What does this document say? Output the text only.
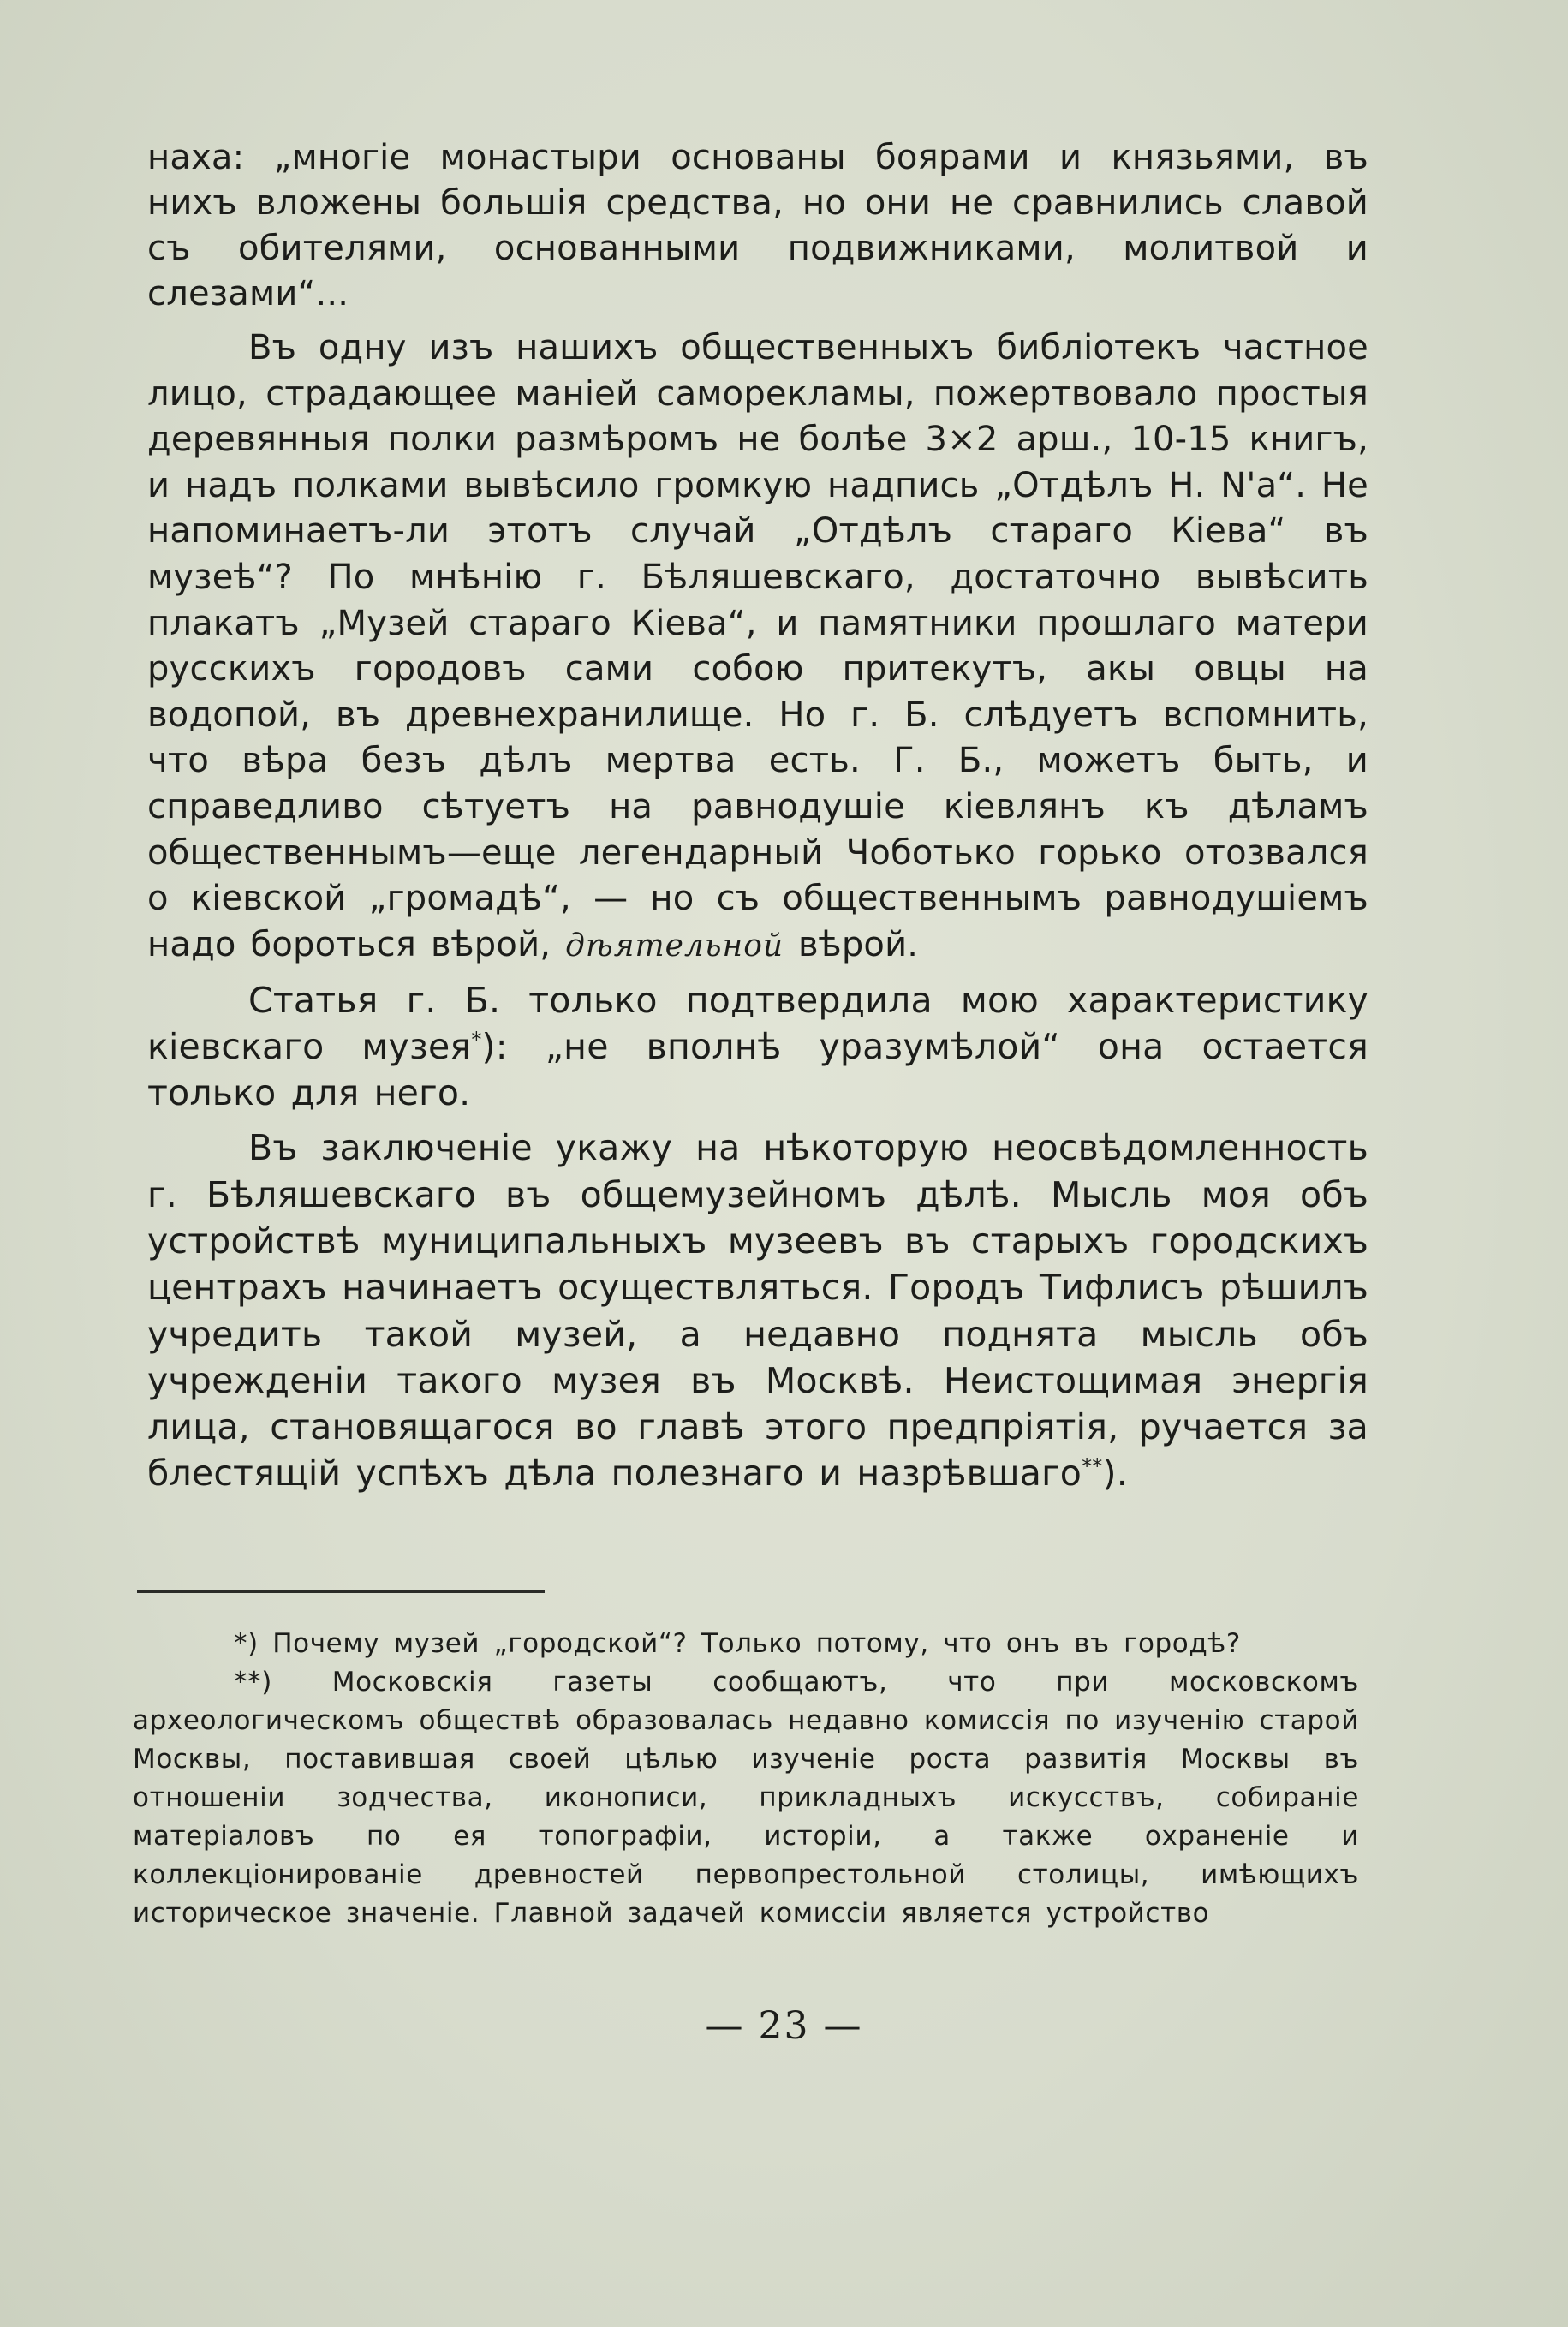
наха: „многіе монастыри основаны боярами и князьями, въ нихъ вложены большія средства, но они не сравнились славой съ обителями, основанными подвижниками, молитвой и слезами“...

Въ одну изъ нашихъ общественныхъ библіотекъ частное лицо, страдающее маніей саморекламы, пожертвовало простыя деревянныя полки размѣромъ не болѣе 3×2 арш., 10-15 книгъ, и надъ полками вывѣсило громкую надпись „Отдѣлъ Н. N'а“. Не напоминаетъ-ли этотъ случай „Отдѣлъ стараго Кіева“ въ музеѣ“? По мнѣнію г. Бѣляшевскаго, достаточно вывѣсить плакатъ „Музей стараго Кіева“, и памятники прошлаго матери русскихъ городовъ сами собою притекутъ, акы овцы на водопой, въ древнехранилище. Но г. Б. слѣдуетъ вспомнить, что вѣра безъ дѣлъ мертва есть. Г. Б., можетъ быть, и справедливо сѣтуетъ на равнодушіе кіевлянъ къ дѣламъ общественнымъ—еще легендарный Чоботько горько отозвался о кіевской „громадѣ“, — но съ общественнымъ равнодушіемъ надо бороться вѣрой, дѣятельной вѣрой.

Статья г. Б. только подтвердила мою характеристику кіевскаго музея*): „не вполнѣ уразумѣлой“ она остается только для него.

Въ заключеніе укажу на нѣкоторую неосвѣдомленность г. Бѣляшевскаго въ общемузейномъ дѣлѣ. Мысль моя объ устройствѣ муниципальныхъ музеевъ въ старыхъ городскихъ центрахъ начинаетъ осуществляться. Городъ Тифлисъ рѣшилъ учредить такой музей, а недавно поднята мысль объ учрежденіи такого музея въ Москвѣ. Неистощимая энергія лица, становящагося во главѣ этого предпріятія, ручается за блестящій успѣхъ дѣла полезнаго и назрѣвшаго**).

*) Почему музей „городской“? Только потому, что онъ въ городѣ?

**) Московскія газеты сообщаютъ, что при московскомъ археологическомъ обществѣ образовалась недавно комиссія по изученію старой Москвы, поставившая своей цѣлью изученіе роста развитія Москвы въ отношеніи зодчества, иконописи, прикладныхъ искусствъ, собираніе матеріаловъ по ея топографіи, исторіи, а также охраненіе и коллекціонированіе древностей первопрестольной столицы, имѣющихъ историческое значеніе. Главной задачей комиссіи является устройство

— 23 —
